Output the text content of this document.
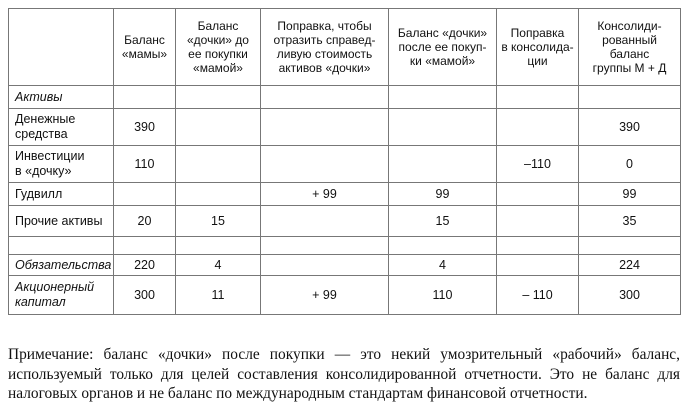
	Баланс
«мамы»	Баланс
«дочки» до
ее покупки
«мамой»	Поправка, чтобы
отразить справед-
ливую стоимость
активов «дочки»	Баланс «дочки»
после ее покуп-
ки «мамой»	Поправка
в консолида-
ции	Консолиди-
рованный баланс
группы М + Д
Активы						
Денежные
средства	390					390
Инвестиции
в «дочку»	110				–110	0
Гудвилл			+ 99	99		99
Прочие активы	20	15		15		35

Обязательства	220	4		4		224
Акционерный
капитал	300	11	+ 99	110	– 110	300

Примечание: баланс «дочки» после покупки — это некий умозрительный «рабочий» баланс, используемый только для целей составления консолидированной отчетности. Это не баланс для налоговых органов и не баланс по международным стандартам финансовой отчетности.
